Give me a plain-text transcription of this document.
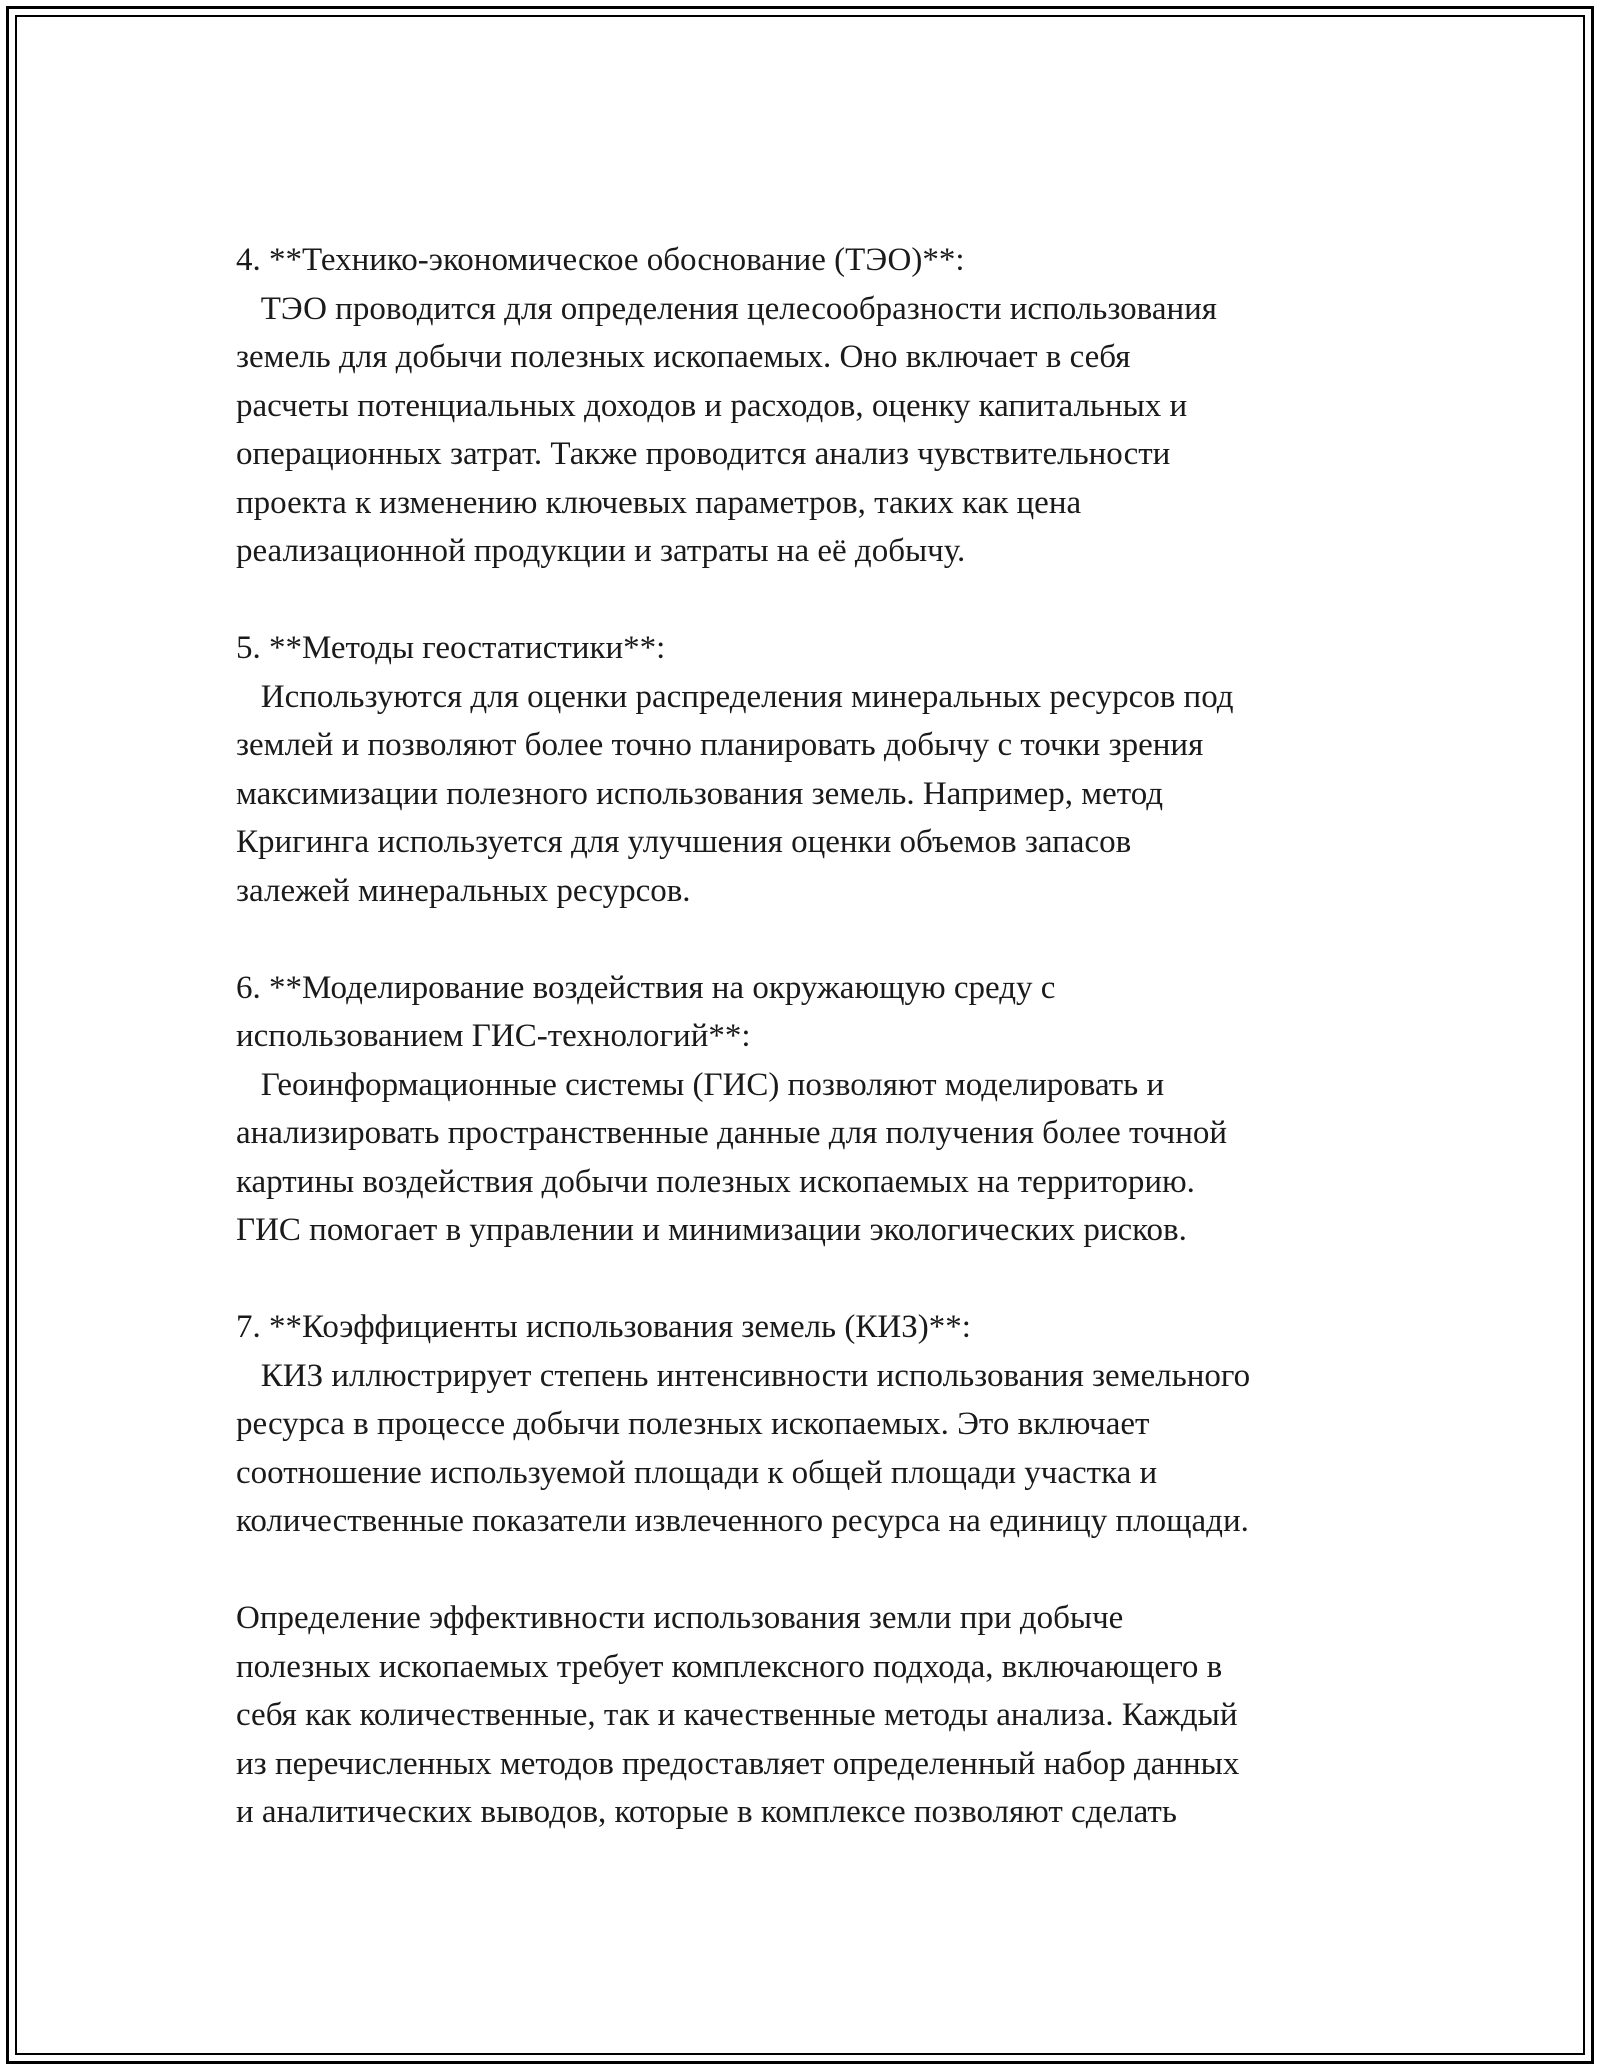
4. **Технико-экономическое обоснование (ТЭО)**:
ТЭО проводится для определения целесообразности использования
земель для добычи полезных ископаемых. Оно включает в себя
расчеты потенциальных доходов и расходов, оценку капитальных и
операционных затрат. Также проводится анализ чувствительности
проекта к изменению ключевых параметров, таких как цена
реализационной продукции и затраты на её добычу.
5. **Методы геостатистики**:
Используются для оценки распределения минеральных ресурсов под
землей и позволяют более точно планировать добычу с точки зрения
максимизации полезного использования земель. Например, метод
Кригинга используется для улучшения оценки объемов запасов
залежей минеральных ресурсов.
6. **Моделирование воздействия на окружающую среду с
использованием ГИС-технологий**:
Геоинформационные системы (ГИС) позволяют моделировать и
анализировать пространственные данные для получения более точной
картины воздействия добычи полезных ископаемых на территорию.
ГИС помогает в управлении и минимизации экологических рисков.
7. **Коэффициенты использования земель (КИЗ)**:
КИЗ иллюстрирует степень интенсивности использования земельного
ресурса в процессе добычи полезных ископаемых. Это включает
соотношение используемой площади к общей площади участка и
количественные показатели извлеченного ресурса на единицу площади.
Определение эффективности использования земли при добыче
полезных ископаемых требует комплексного подхода, включающего в
себя как количественные, так и качественные методы анализа. Каждый
из перечисленных методов предоставляет определенный набор данных
и аналитических выводов, которые в комплексе позволяют сделать
